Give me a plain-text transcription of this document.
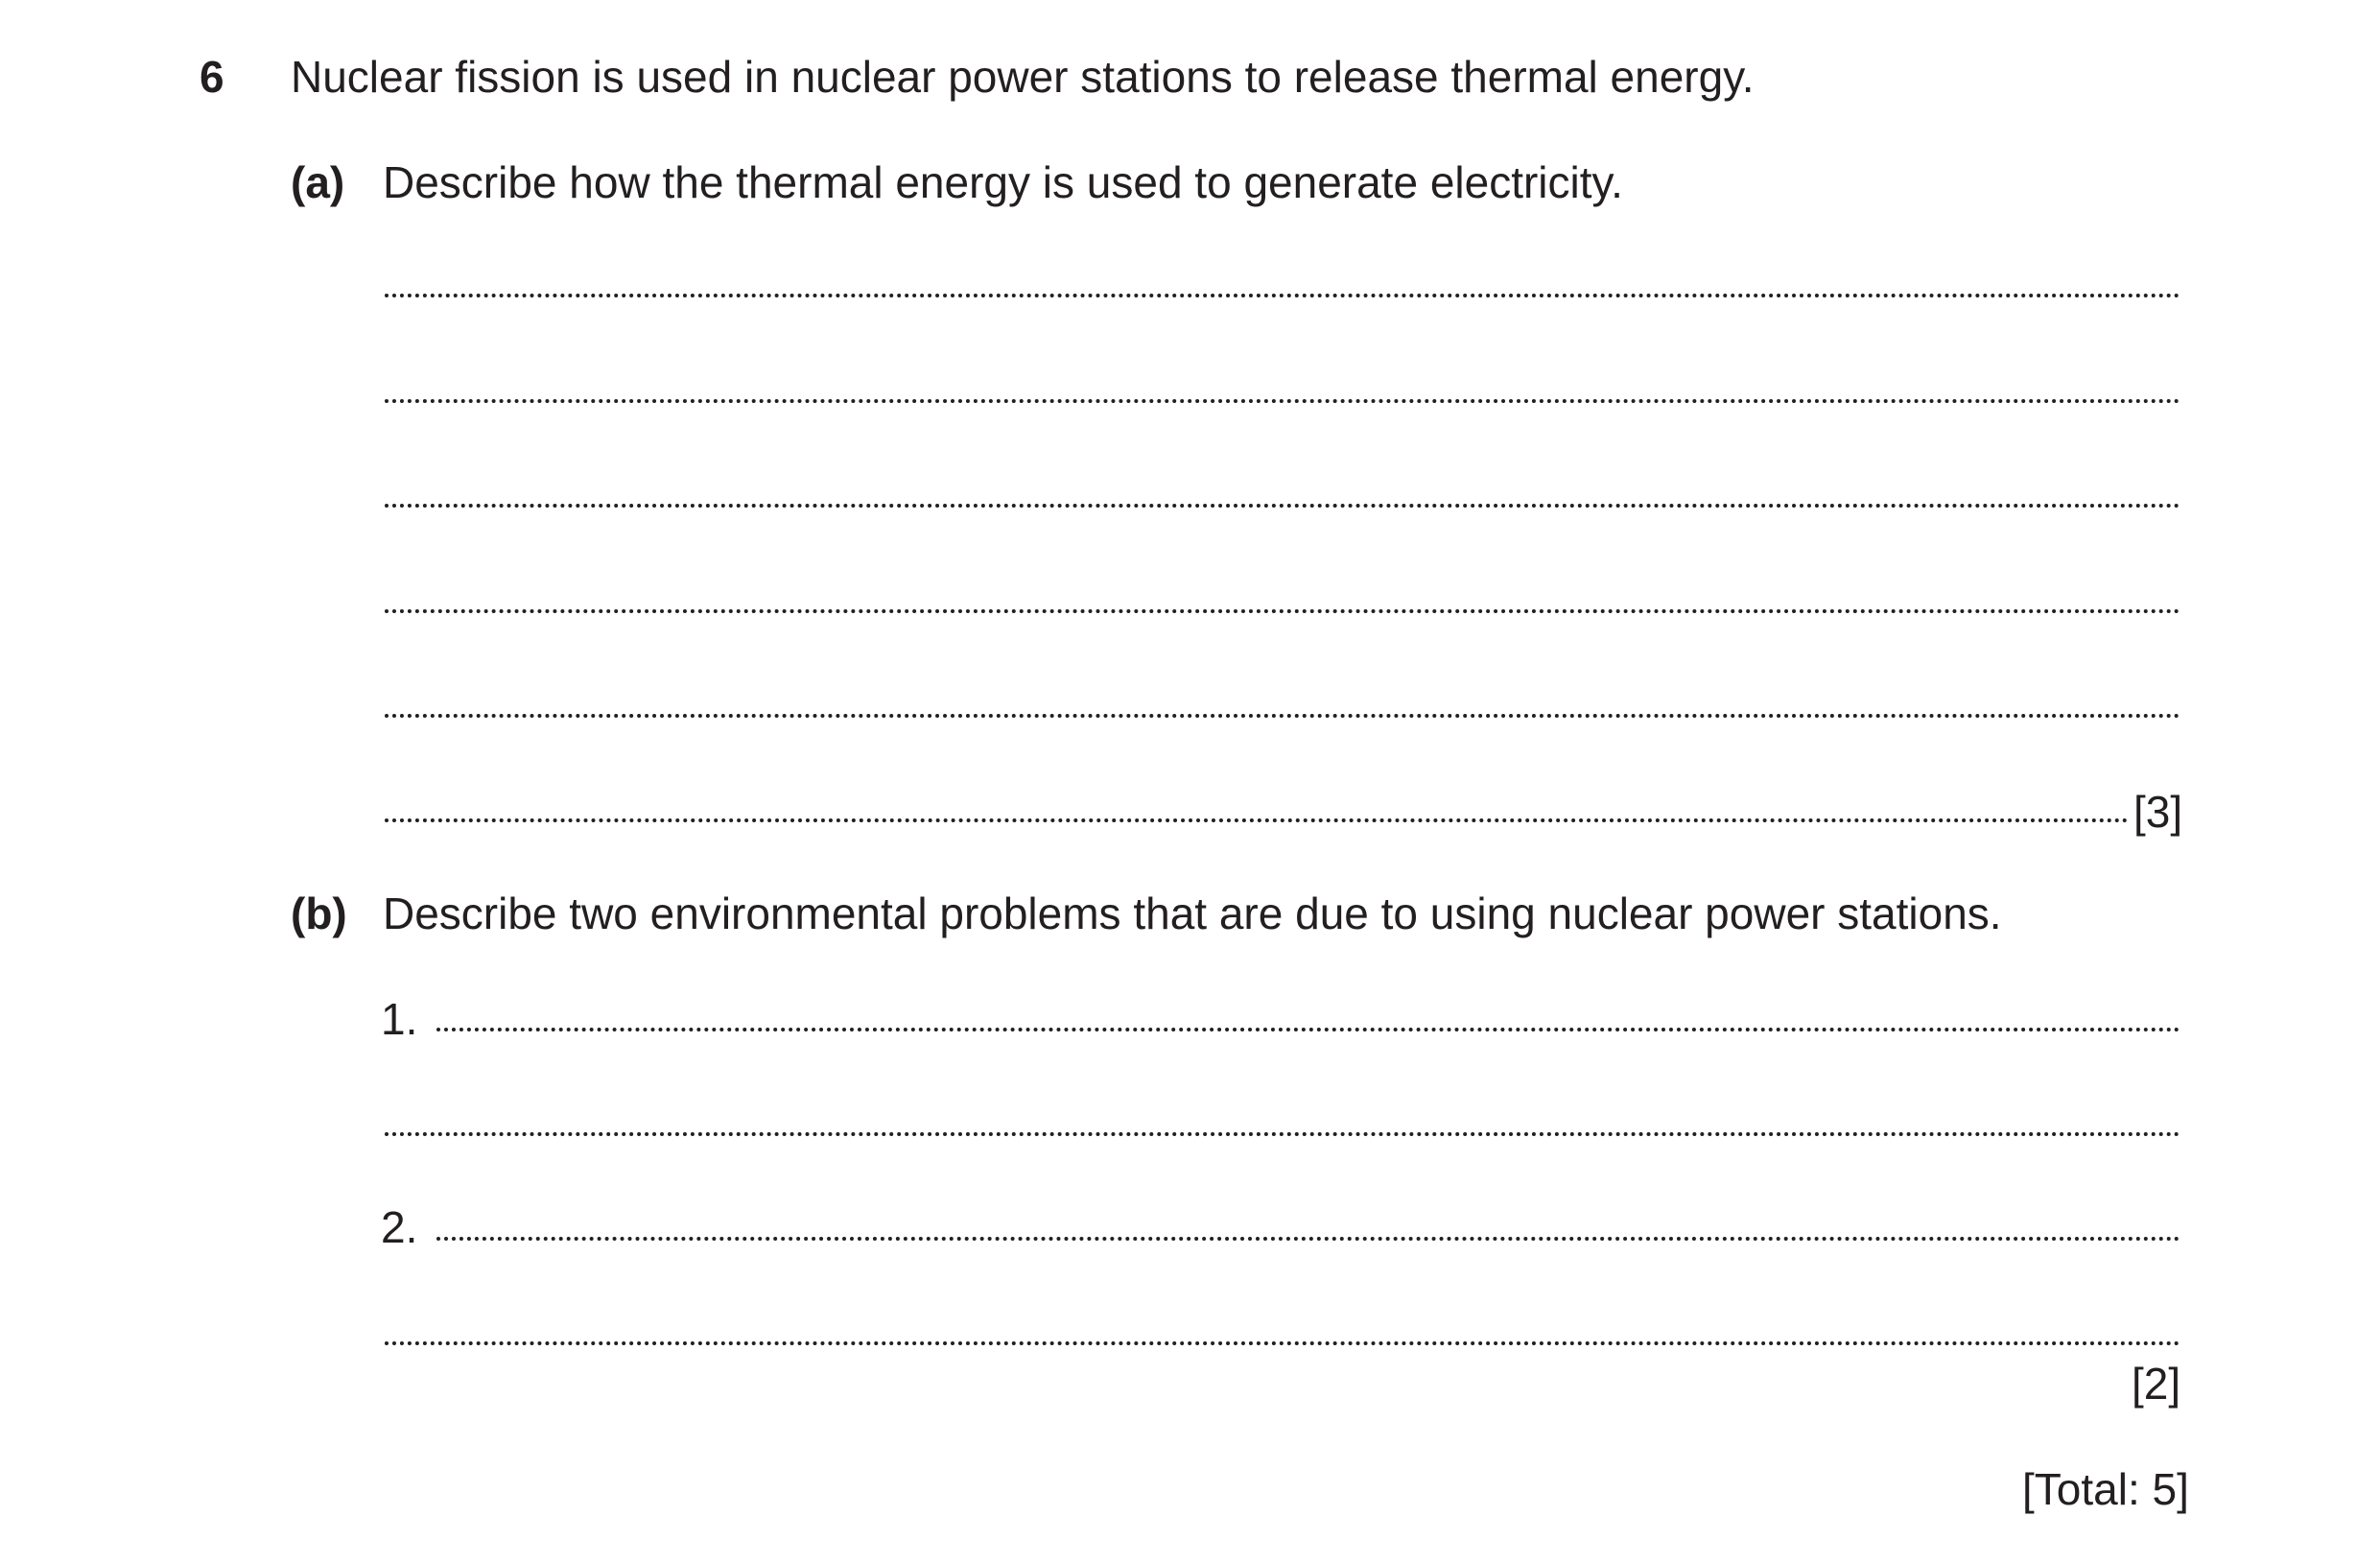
6 Nuclear fission is used in nuclear power stations to release thermal energy.
(a) Describe how the thermal energy is used to generate electricity.
[3]
(b) Describe two environmental problems that are due to using nuclear power stations.
1.
2.
[2]
[Total: 5]
